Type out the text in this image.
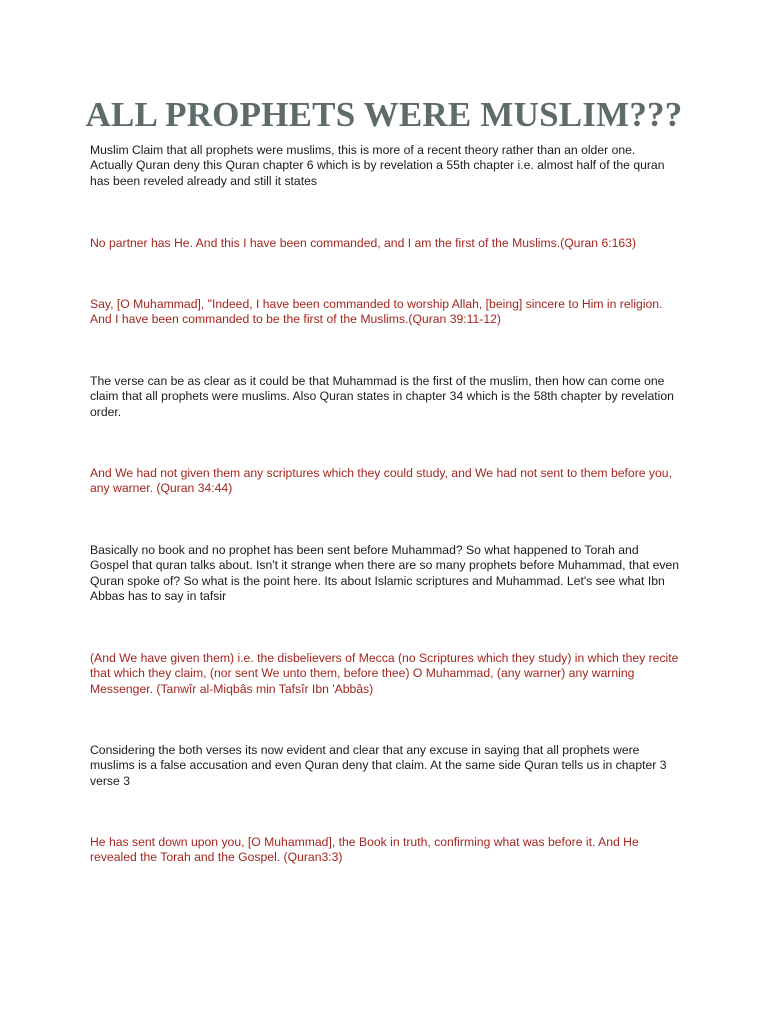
ALL PROPHETS WERE MUSLIM???

Muslim Claim that all prophets were muslims, this is more of a recent theory rather than an older one. Actually Quran deny this Quran chapter 6 which is by revelation a 55th chapter i.e. almost half of the quran has been reveled already and still it states

No partner has He. And this I have been commanded, and I am the first of the Muslims.(Quran 6:163)

Say, [O Muhammad], "Indeed, I have been commanded to worship Allah, [being] sincere to Him in religion. And I have been commanded to be the first of the Muslims.(Quran 39:11-12)

The verse can be as clear as it could be that Muhammad is the first of the muslim, then how can come one claim that all prophets were muslims. Also Quran states in chapter 34 which is the 58th chapter by revelation order.

And We had not given them any scriptures which they could study, and We had not sent to them before you, any warner. (Quran 34:44)

Basically no book and no prophet has been sent before Muhammad? So what happened to Torah and Gospel that quran talks about. Isn't it strange when there are so many prophets before Muhammad, that even Quran spoke of? So what is the point here. Its about Islamic scriptures and Muhammad. Let's see what Ibn Abbas has to say in tafsir

(And We have given them) i.e. the disbelievers of Mecca (no Scriptures which they study) in which they recite that which they claim, (nor sent We unto them, before thee) O Muhammad, (any warner) any warning Messenger. (Tanwîr al-Miqbâs min Tafsîr Ibn 'Abbâs)

Considering the both verses its now evident and clear that any excuse in saying that all prophets were muslims is a false accusation and even Quran deny that claim. At the same side Quran tells us in chapter 3 verse 3

He has sent down upon you, [O Muhammad], the Book in truth, confirming what was before it. And He revealed the Torah and the Gospel. (Quran3:3)
